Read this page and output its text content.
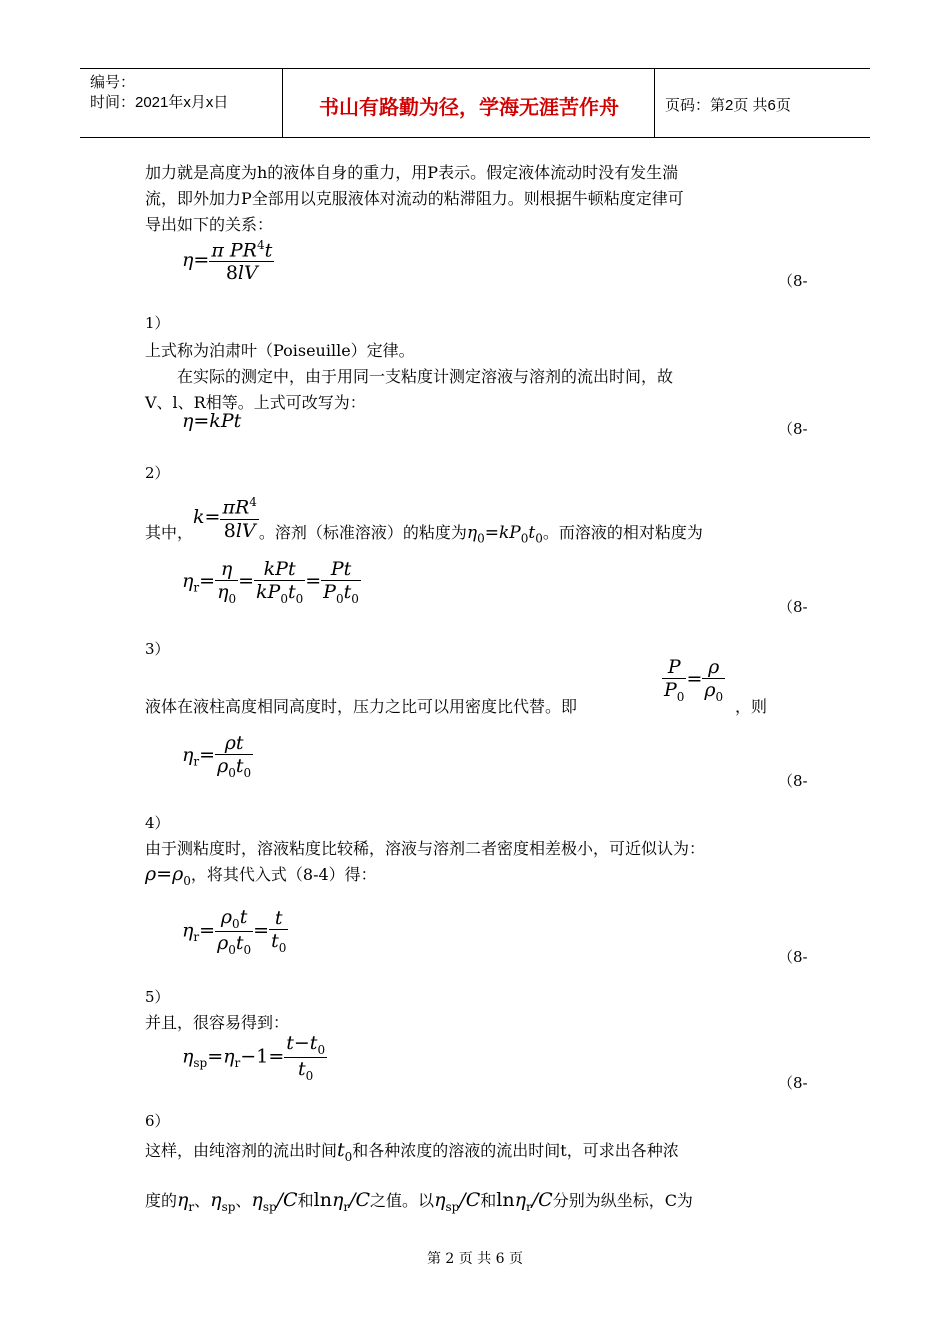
编号：
时间：2021年x月x日	书山有路勤为径，学海无涯苦作舟	页码：第2页 共6页
加力就是高度为h的液体自身的重力，用P表示。假定液体流动时没有发生湍
流，即外加力P全部用以克服液体对流动的粘滞阻力。则根据牛顿粘度定律可
导出如下的关系：
$\eta= \frac{\pi PR^4t}{8lV}$	（8-
1）
上式称为泊肃叶（Poiseuille）定律。
在实际的测定中，由于用同一支粘度计测定溶液与溶剂的流出时间，故
V、l、R相等。上式可改写为：
η=kPt	（8-
2）
其中，$k= \frac{\pi R^4}{8lV}$ 。溶剂（标准溶液）的粘度为$\eta_0=kP_0t_0$。而溶液的相对粘度为
$\eta_r= \frac{\eta}{\eta_0} = \frac{\text{kPt}}{kP_0t_0} = \frac{Pt}{P_0t_0}$
（8-
3）
$\frac{P}{P_0} = \frac{\rho}{\rho_0}$
液体在液柱高度相同高度时，压力之比可以用密度比代替。即	，则
$\eta_r= \frac{\rho t}{\rho_0t_0}$
（8-
4）
由于测粘度时，溶液粘度比较稀，溶液与溶剂二者密度相差极小，可近似认为：
$\rho=\rho_0$，将其代入式（8-4）得：
$\eta_r= \frac{\rho_0t}{\rho_0t_0} = \frac{t}{t_0}$
（8-
5）
并且，很容易得到：
$\eta_{sp}=\eta_r-1= \frac{t-t_0}{t_0}$
（8-
6）
这样，由纯溶剂的流出时间$t_0$和各种浓度的溶液的流出时间t，可求出各种浓
度的$\eta_r$、$\eta_{sp}$、$\eta_{sp}/C$和lnη$_r$/C之值。以$\eta_{sp}/C$和lnη$_r$/C分别为纵坐标，C为
第 2 页 共 6 页
